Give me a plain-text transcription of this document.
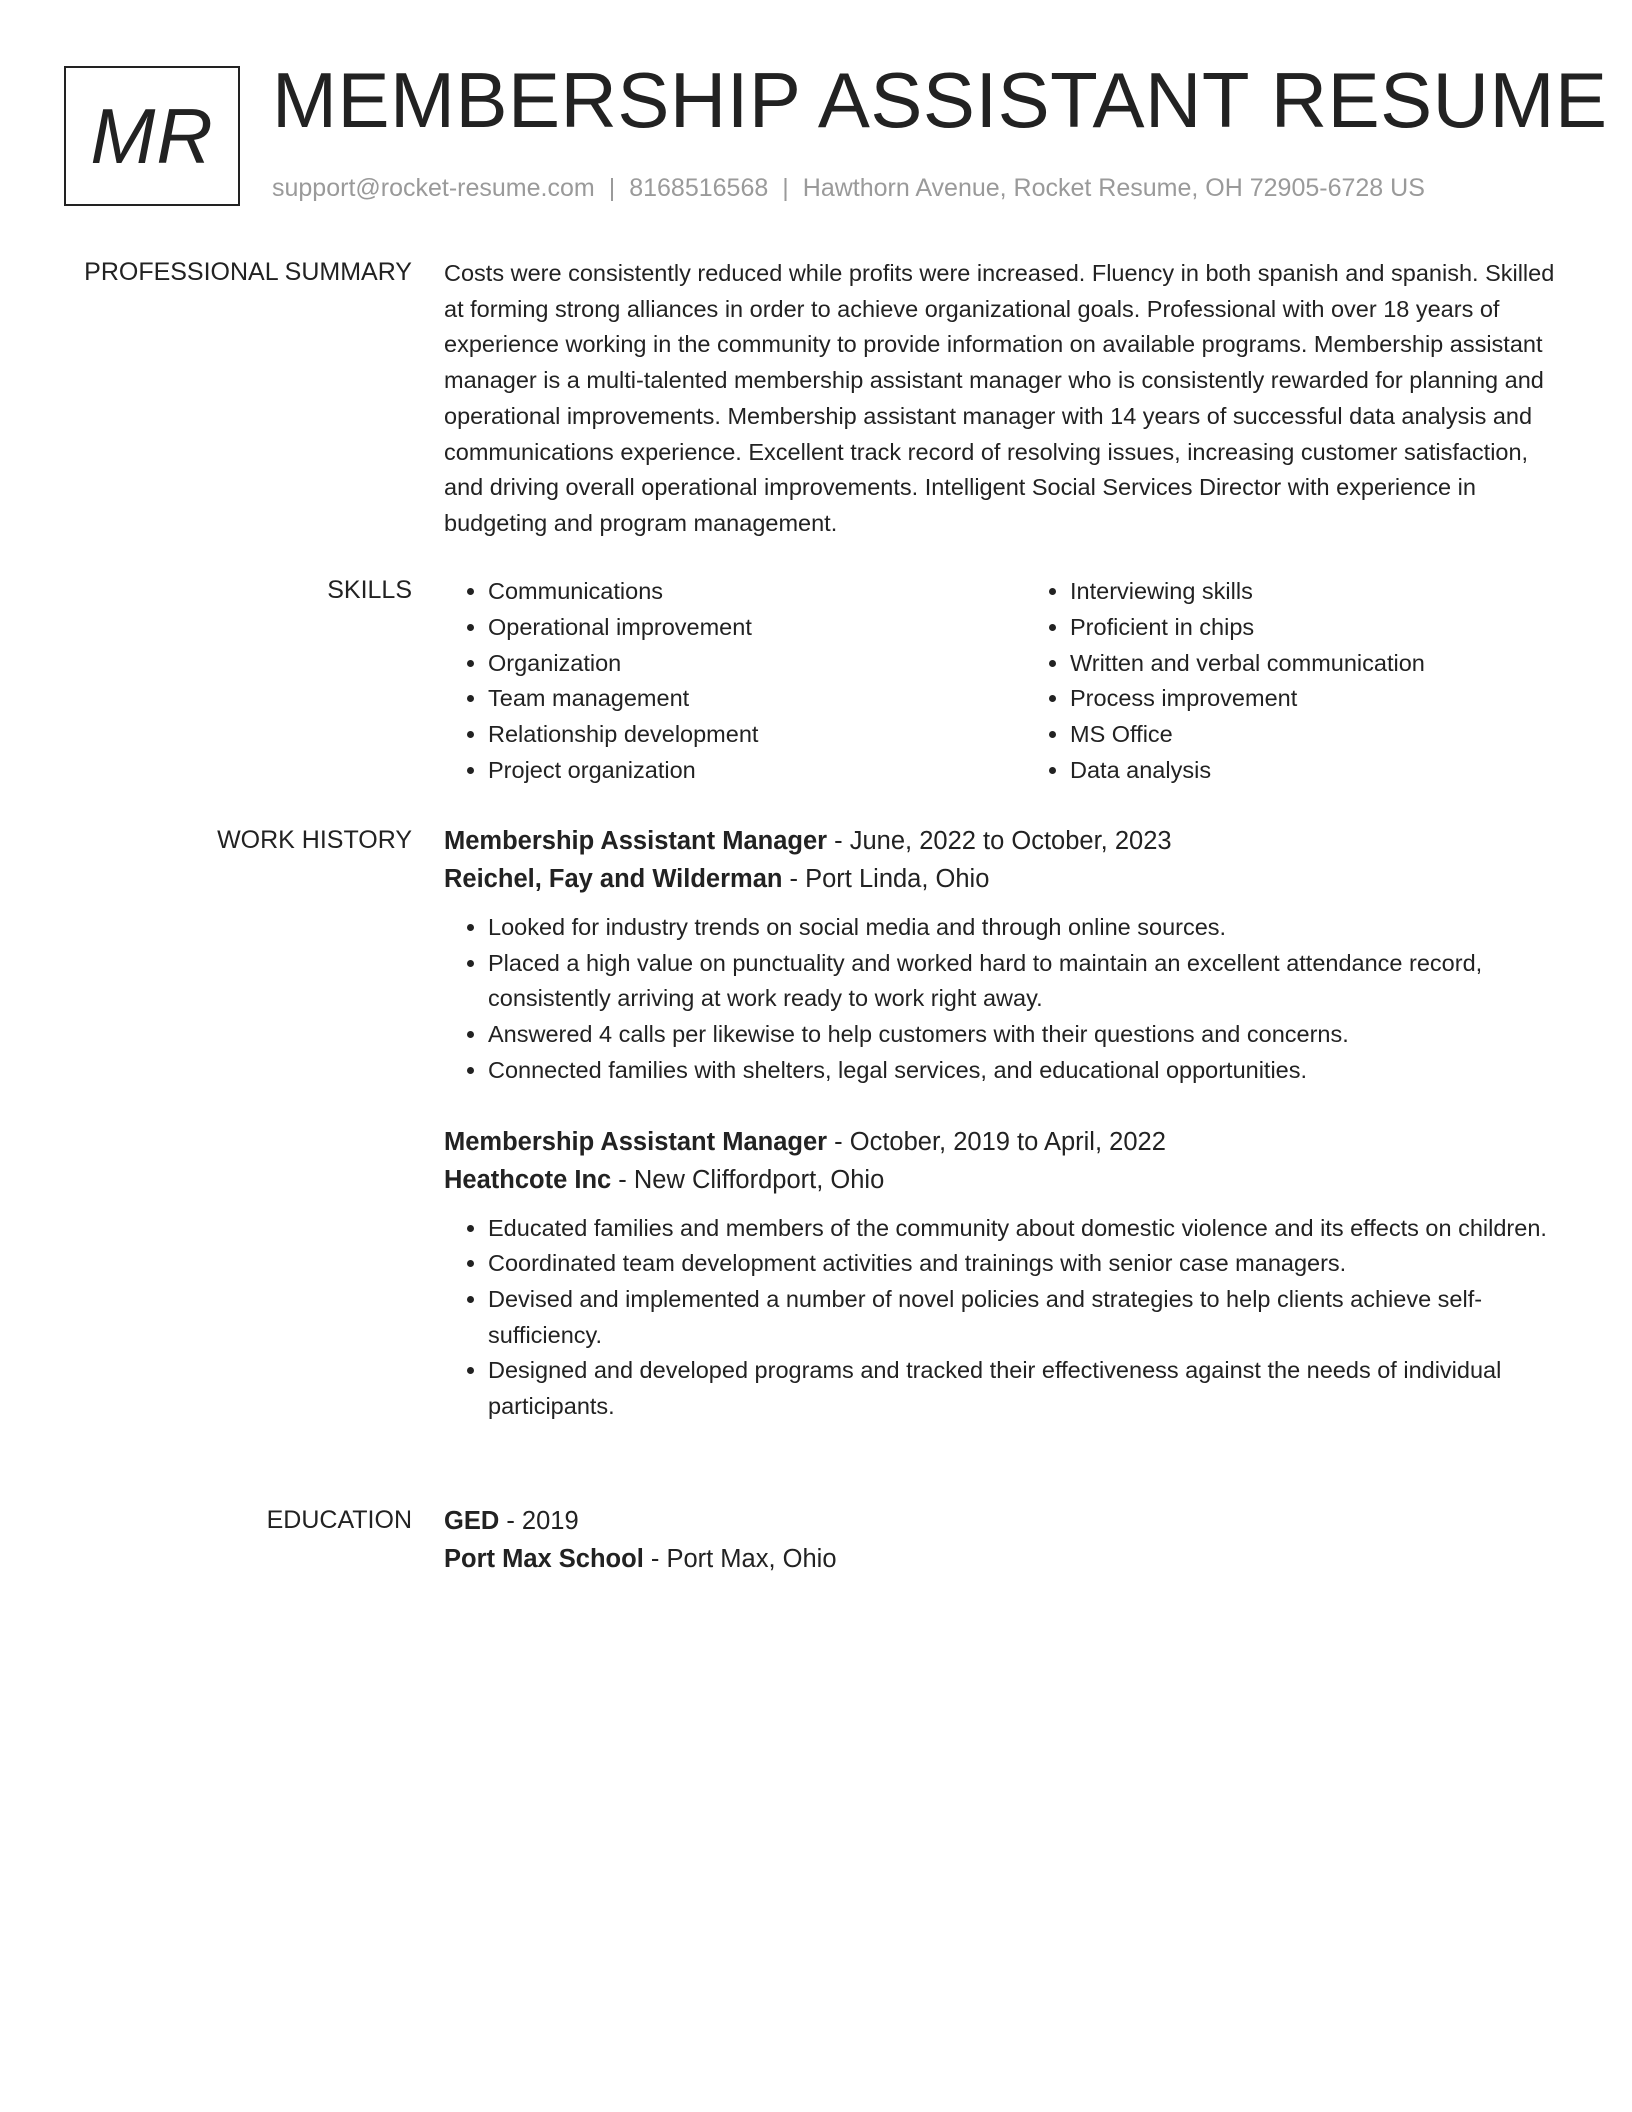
MR MEMBERSHIP ASSISTANT RESUME
support@rocket-resume.com | 8168516568 | Hawthorn Avenue, Rocket Resume, OH 72905-6728 US
PROFESSIONAL SUMMARY Costs were consistently reduced while profits were increased. Fluency in both spanish and spanish. Skilled at forming strong alliances in order to achieve organizational goals. Professional with over 18 years of experience working in the community to provide information on available programs. Membership assistant manager is a multi-talented membership assistant manager who is consistently rewarded for planning and operational improvements. Membership assistant manager with 14 years of successful data analysis and communications experience. Excellent track record of resolving issues, increasing customer satisfaction, and driving overall operational improvements. Intelligent Social Services Director with experience in budgeting and program management.

SKILLS
•	Communications
• Operational improvement
• Organization
• Team management
• Relationship development
• Project organization
• Interviewing skills
• Proficient in chips
• Written and verbal communication
• Process improvement
• MS Office
• Data analysis
WORK HISTORY Membership Assistant Manager - June, 2022 to October, 2023
Reichel, Fay and Wilderman - Port Linda, Ohio
• Looked for industry trends on social media and through online sources.
• Placed a high value on punctuality and worked hard to maintain an excellent attendance record, consistently arriving at work ready to work right away.
• Answered 4 calls per likewise to help customers with their questions and concerns.
• Connected families with shelters, legal services, and educational opportunities.
Membership Assistant Manager - October, 2019 to April, 2022
Heathcote Inc - New Cliffordport, Ohio
• Educated families and members of the community about domestic violence and its effects on children.
• Coordinated team development activities and trainings with senior case managers.
• Devised and implemented a number of novel policies and strategies to help clients achieve self-sufficiency.
• Designed and developed programs and tracked their effectiveness against the needs of individual participants.
EDUCATION GED - 2019
Port Max School - Port Max, Ohio
